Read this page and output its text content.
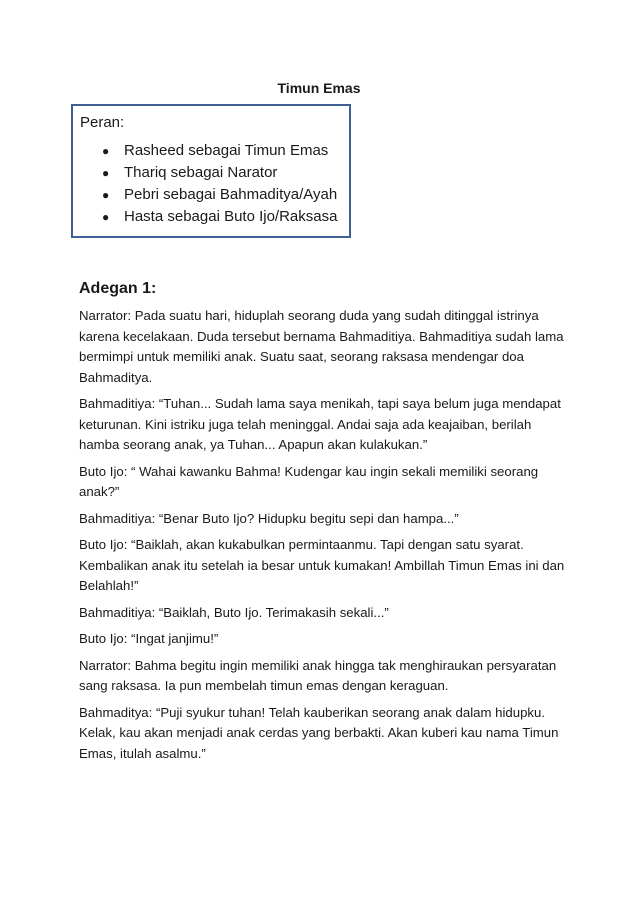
Timun Emas
Peran:
● Rasheed sebagai Timun Emas
● Thariq sebagai Narator
● Pebri sebagai Bahmaditya/Ayah
● Hasta sebagai Buto Ijo/Raksasa
Adegan 1:

Narrator: Pada suatu hari, hiduplah seorang duda yang sudah ditinggal istrinya karena kecelakaan. Duda tersebut bernama Bahmaditiya. Bahmaditiya sudah lama bermimpi untuk memiliki anak. Suatu saat, seorang raksasa mendengar doa Bahmaditya.

Bahmaditiya: “Tuhan... Sudah lama saya menikah, tapi saya belum juga mendapat keturunan. Kini istriku juga telah meninggal. Andai saja ada keajaiban, berilah hamba seorang anak, ya Tuhan... Apapun akan kulakukan.”

Buto Ijo: “ Wahai kawanku Bahma! Kudengar kau ingin sekali memiliki seorang anak?”

Bahmaditiya: “Benar Buto Ijo? Hidupku begitu sepi dan hampa...”

Buto Ijo: “Baiklah, akan kukabulkan permintaanmu. Tapi dengan satu syarat. Kembalikan anak itu setelah ia besar untuk kumakan! Ambillah Timun Emas ini dan Belahlah!”

Bahmaditiya: “Baiklah, Buto Ijo. Terimakasih sekali...”

Buto Ijo: “Ingat janjimu!”

Narrator: Bahma begitu ingin memiliki anak hingga tak menghiraukan persyaratan sang raksasa. Ia pun membelah timun emas dengan keraguan.

Bahmaditya: “Puji syukur tuhan! Telah kauberikan seorang anak dalam hidupku. Kelak, kau akan menjadi anak cerdas yang berbakti. Akan kuberi kau nama Timun Emas, itulah asalmu.”
